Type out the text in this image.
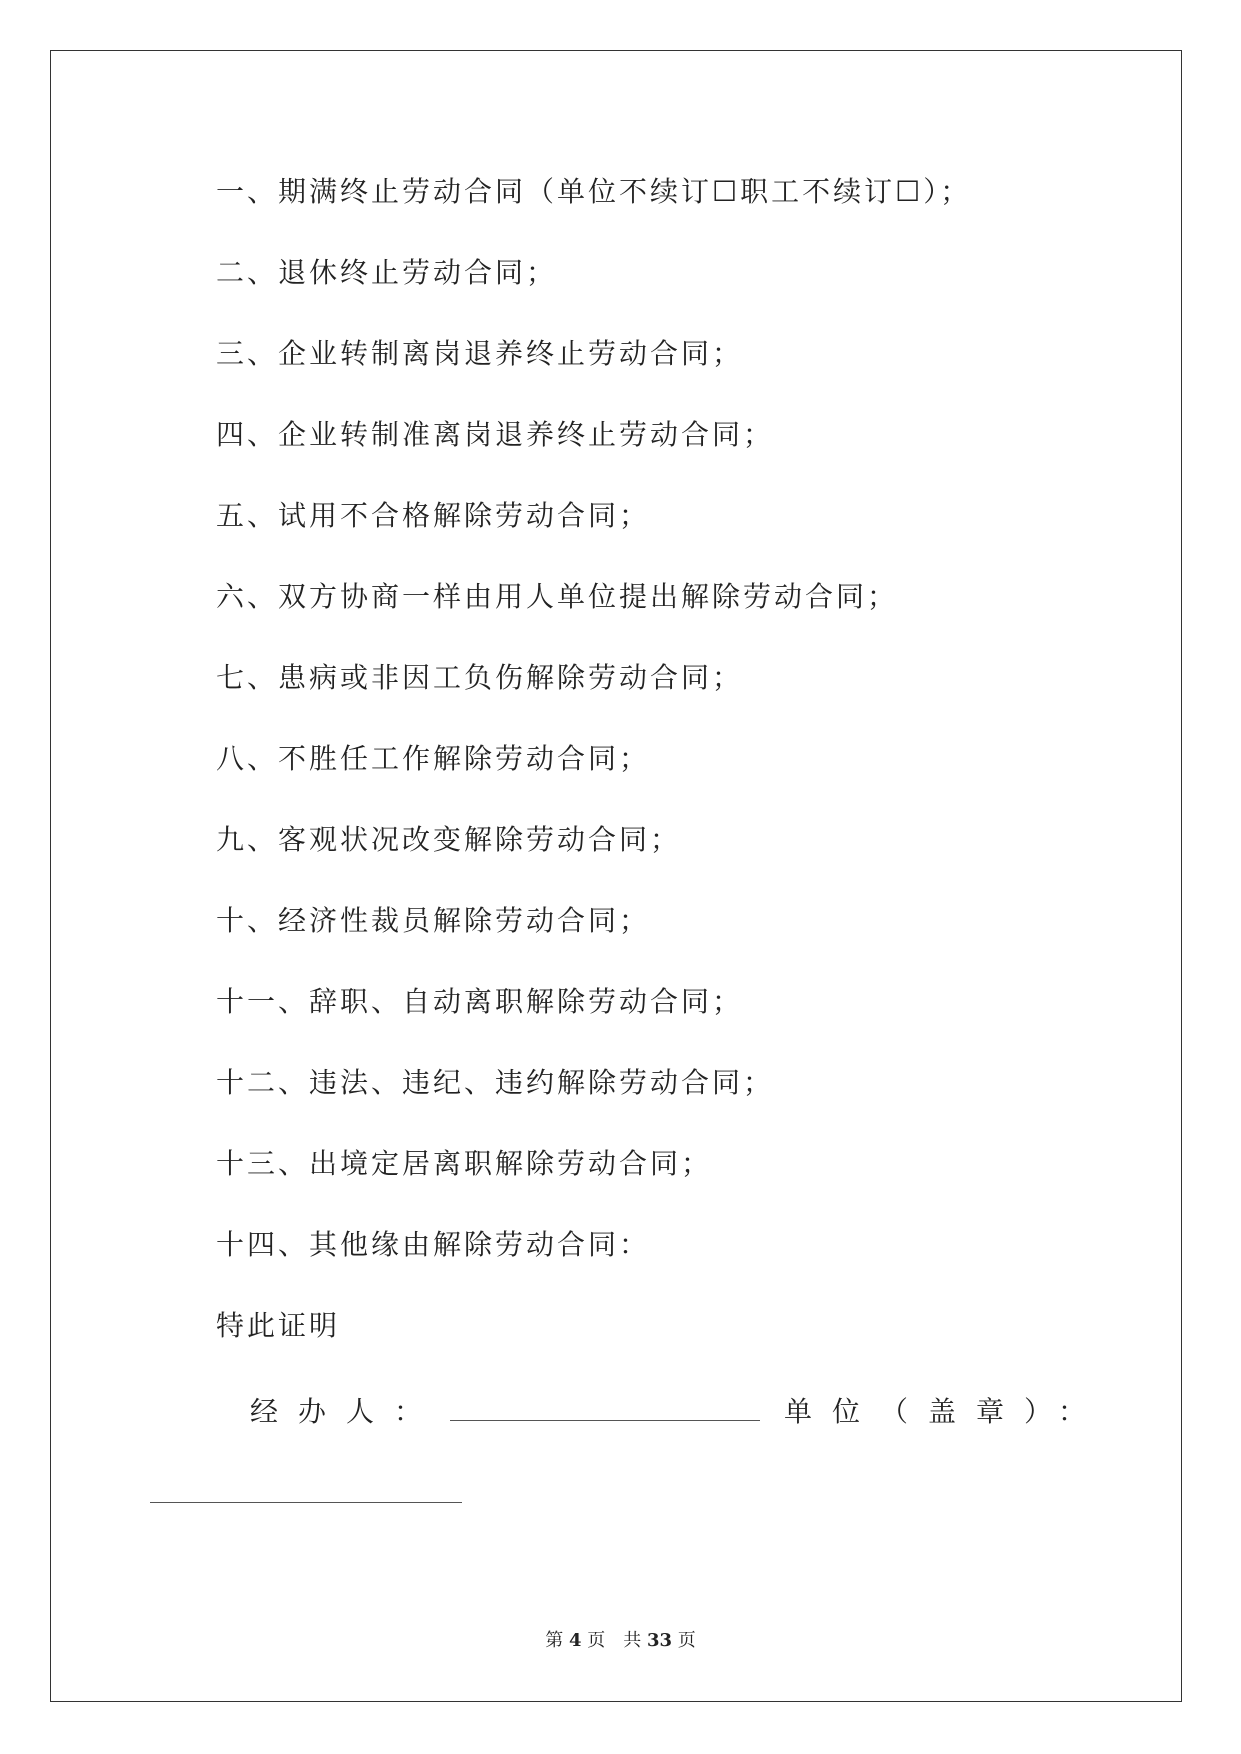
一、期满终止劳动合同（单位不续订☐职工不续订☐）；
二、退休终止劳动合同；
三、企业转制离岗退养终止劳动合同；
四、企业转制准离岗退养终止劳动合同；
五、试用不合格解除劳动合同；
六、双方协商一样由用人单位提出解除劳动合同；
七、患病或非因工负伤解除劳动合同；
八、不胜任工作解除劳动合同；
九、客观状况改变解除劳动合同；
十、经济性裁员解除劳动合同；
十一、辞职、自动离职解除劳动合同；
十二、违法、违纪、违约解除劳动合同；
十三、出境定居离职解除劳动合同；
十四、其他缘由解除劳动合同：
特此证明
经办人：	单位（盖章）：
第 4 页　共 33 页
